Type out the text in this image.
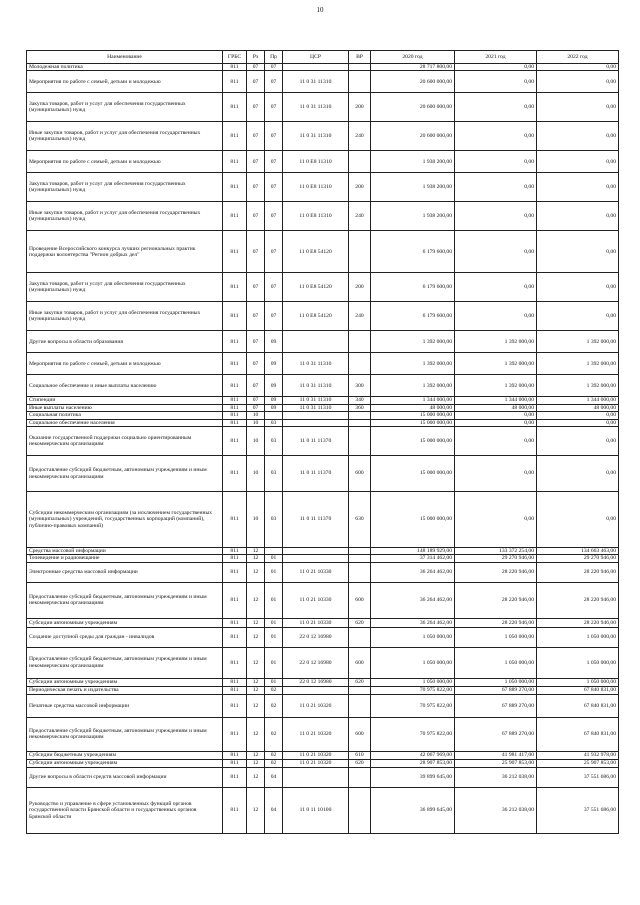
10
Наименование	ГРБС	Рз	Пр	ЦСР	ВР	2020 год	2021 год	2022 год
Молодежная политика	811	07	07			28 717 800,00	0,00	0,00
Мероприятия по работе с семьей, детьми и молодежью	811	07	07	11 0 31 11310		20 600 000,00	0,00	0,00
Закупка товаров, работ и услуг для обеспечения государственных (муниципальных) нужд	811	07	07	11 0 31 11310	200	20 600 000,00	0,00	0,00
Иные закупки товаров, работ и услуг для обеспечения государственных (муниципальных) нужд	811	07	07	11 0 31 11310	240	20 600 000,00	0,00	0,00
Мероприятия по работе с семьей, детьми и молодежью	811	07	07	11 0 E8 11310		1 938 200,00	0,00	0,00
Закупка товаров, работ и услуг для обеспечения государственных (муниципальных) нужд	811	07	07	11 0 E8 11310	200	1 938 200,00	0,00	0,00
Иные закупки товаров, работ и услуг для обеспечения государственных (муниципальных) нужд	811	07	07	11 0 E8 11310	240	1 938 200,00	0,00	0,00
Проведение Всероссийского конкурса лучших региональных практик поддержки волонтерства "Регион добрых дел"	811	07	07	11 0 E8 54120		6 179 600,00	0,00	0,00
Закупка товаров, работ и услуг для обеспечения государственных (муниципальных) нужд	811	07	07	11 0 E8 54120	200	6 179 600,00	0,00	0,00
Иные закупки товаров, работ и услуг для обеспечения государственных (муниципальных) нужд	811	07	07	11 0 E8 54120	240	6 179 600,00	0,00	0,00
Другие вопросы в области образования	811	07	09			1 392 000,00	1 392 000,00	1 392 000,00
Мероприятия по работе с семьей, детьми и молодежью	811	07	09	11 0 31 11310		1 392 000,00	1 392 000,00	1 392 000,00
Социальное обеспечение и иные выплаты населению	811	07	09	11 0 31 11310	300	1 392 000,00	1 392 000,00	1 392 000,00
Стипендии	811	07	09	11 0 31 11310	340	1 344 000,00	1 344 000,00	1 344 000,00
Иные выплаты населению	811	07	09	11 0 31 11310	360	48 000,00	48 000,00	48 000,00
Социальная политика	811	10				15 000 000,00	0,00	0,00
Социальное обеспечение населения	811	10	03			15 000 000,00	0,00	0,00
Оказание государственной поддержки социально ориентированным некоммерческим организациям	811	10	03	11 0 11 11370		15 000 000,00	0,00	0,00
Предоставление субсидий бюджетным, автономным учреждениям и иным некоммерческим организациям	811	10	03	11 0 11 11370	600	15 000 000,00	0,00	0,00
Субсидии некоммерческим организациям (за исключением государственных (муниципальных) учреждений, государственных корпораций (компаний), публично-правовых компаний)	811	10	03	11 0 11 11370	630	15 000 000,00	0,00	0,00
Средства массовой информации	811	12				148 189 929,00	133 372 254,00	134 663 463,00
Телевидение и радиовещание	811	12	01			37 314 462,00	29 270 946,00	29 270 946,00
Электронные средства массовой информации	811	12	01	11 0 21 10330		36 264 462,00	28 220 946,00	28 220 946,00
Предоставление субсидий бюджетным, автономным учреждениям и иным некоммерческим организациям	811	12	01	11 0 21 10330	600	36 264 462,00	28 220 946,00	28 220 946,00
Субсидии автономным учреждениям	811	12	01	11 0 21 10330	620	36 264 462,00	28 220 946,00	28 220 946,00
Создание доступной среды для граждан - инвалидов	811	12	01	22 0 12 16980		1 050 000,00	1 050 000,00	1 050 000,00
Предоставление субсидий бюджетным, автономным учреждениям и иным некоммерческим организациям	811	12	01	22 0 12 16980	600	1 050 000,00	1 050 000,00	1 050 000,00
Субсидии автономным учреждениям	811	12	01	22 0 12 16980	620	1 050 000,00	1 050 000,00	1 050 000,00
Периодическая печать и издательства	811	12	02			70 975 822,00	67 889 270,00	67 840 831,00
Печатные средства массовой информации	811	12	02	11 0 21 10320		70 975 822,00	67 889 270,00	67 840 831,00
Предоставление субсидий бюджетным, автономным учреждениям и иным некоммерческим организациям	811	12	02	11 0 21 10320	600	70 975 822,00	67 889 270,00	67 840 831,00
Субсидии бюджетным учреждениям	811	12	02	11 0 21 10320	610	42 067 969,00	41 981 417,00	41 932 978,00
Субсидии автономным учреждениям	811	12	02	11 0 21 10320	620	28 907 853,00	25 907 853,00	25 907 853,00
Другие вопросы в области средств массовой информации	811	12	04			39 899 645,00	36 212 038,00	37 551 686,00
Руководство и управление в сфере установленных функций органов государственной власти Брянской области и государственных органов Брянской области	811	12	04	11 0 11 10100		36 899 645,00	36 212 038,00	37 551 686,00
